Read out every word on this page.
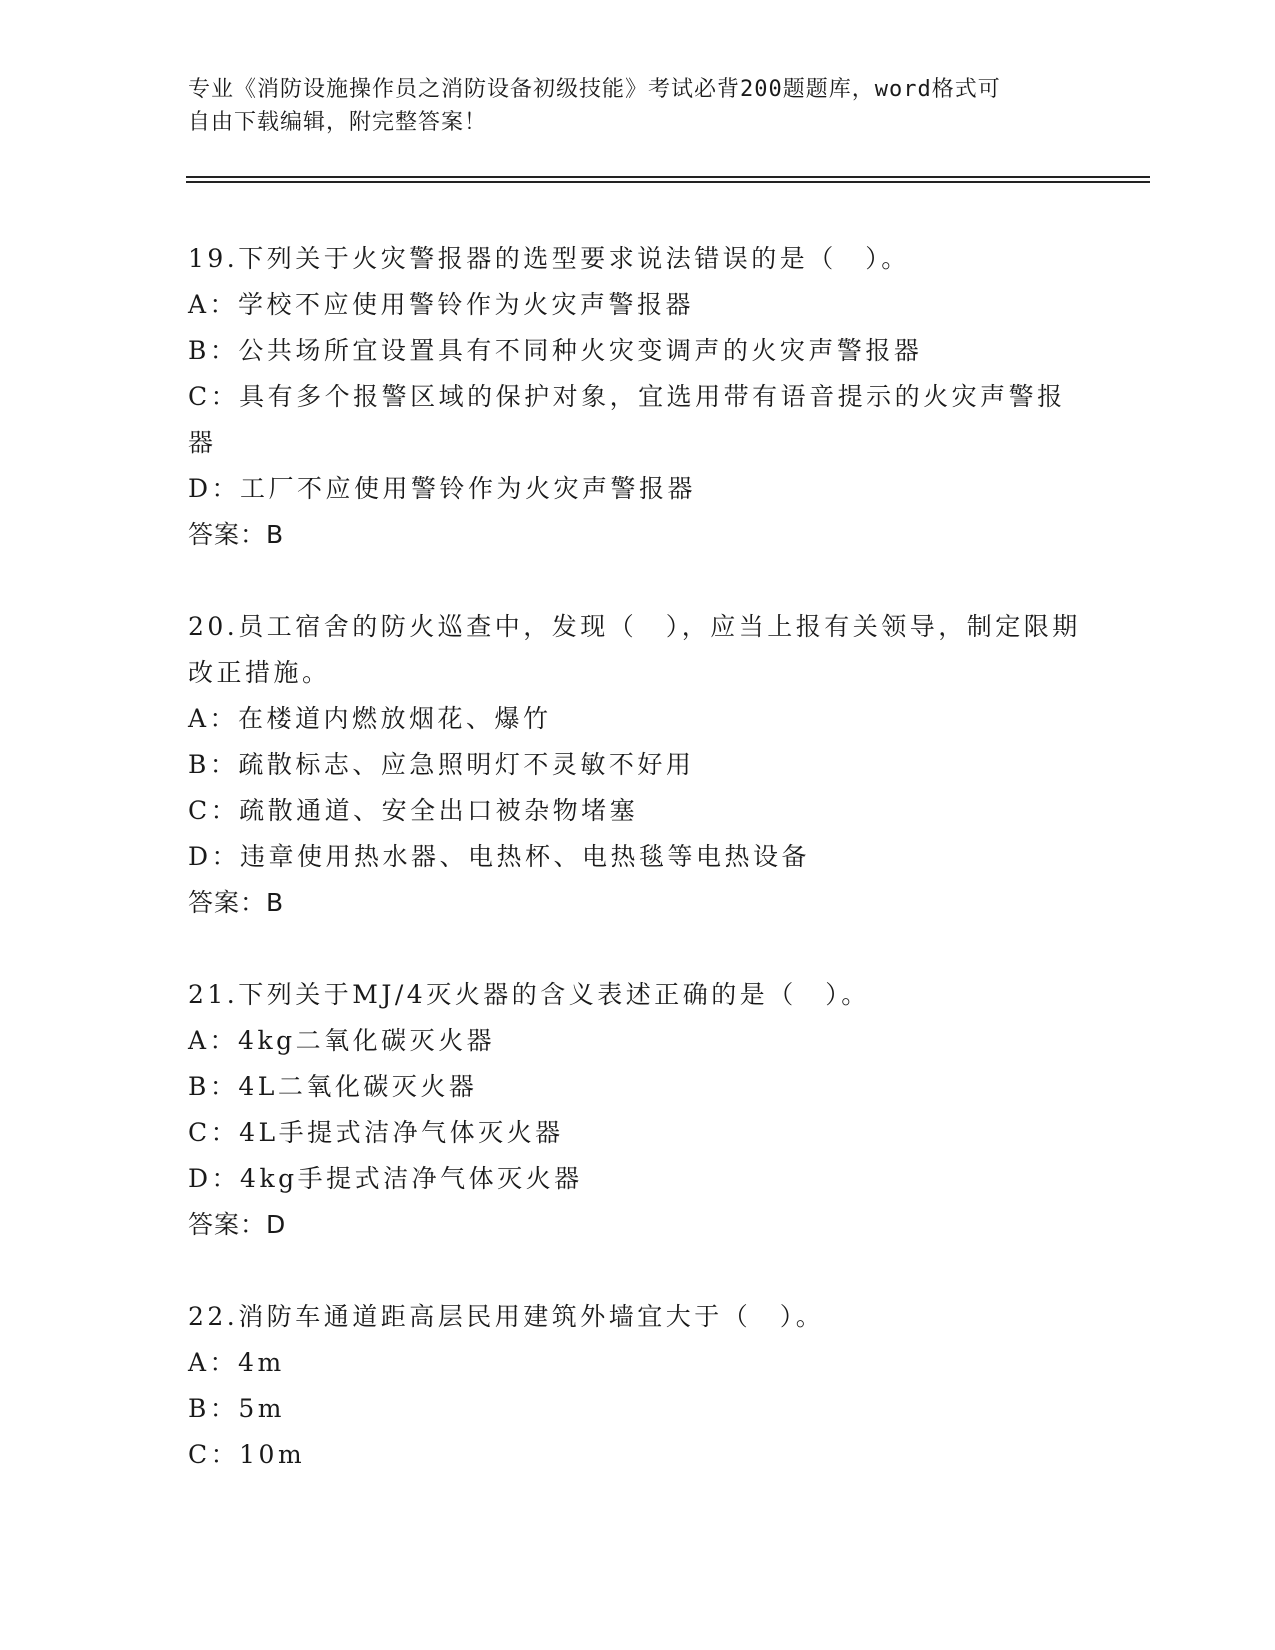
专业《消防设施操作员之消防设备初级技能》考试必背200题题库，word格式可
自由下载编辑，附完整答案！
19.下列关于火灾警报器的选型要求说法错误的是（　）。
A：学校不应使用警铃作为火灾声警报器
B：公共场所宜设置具有不同种火灾变调声的火灾声警报器
C：具有多个报警区域的保护对象，宜选用带有语音提示的火灾声警报器
D：工厂不应使用警铃作为火灾声警报器
答案：B
20.员工宿舍的防火巡查中，发现（　），应当上报有关领导，制定限期改正措施。
A：在楼道内燃放烟花、爆竹
B：疏散标志、应急照明灯不灵敏不好用
C：疏散通道、安全出口被杂物堵塞
D：违章使用热水器、电热杯、电热毯等电热设备
答案：B
21.下列关于MJ/4灭火器的含义表述正确的是（　）。
A：4kg二氧化碳灭火器
B：4L二氧化碳灭火器
C：4L手提式洁净气体灭火器
D：4kg手提式洁净气体灭火器
答案：D
22.消防车通道距高层民用建筑外墙宜大于（　）。
A：4m
B：5m
C：10m
